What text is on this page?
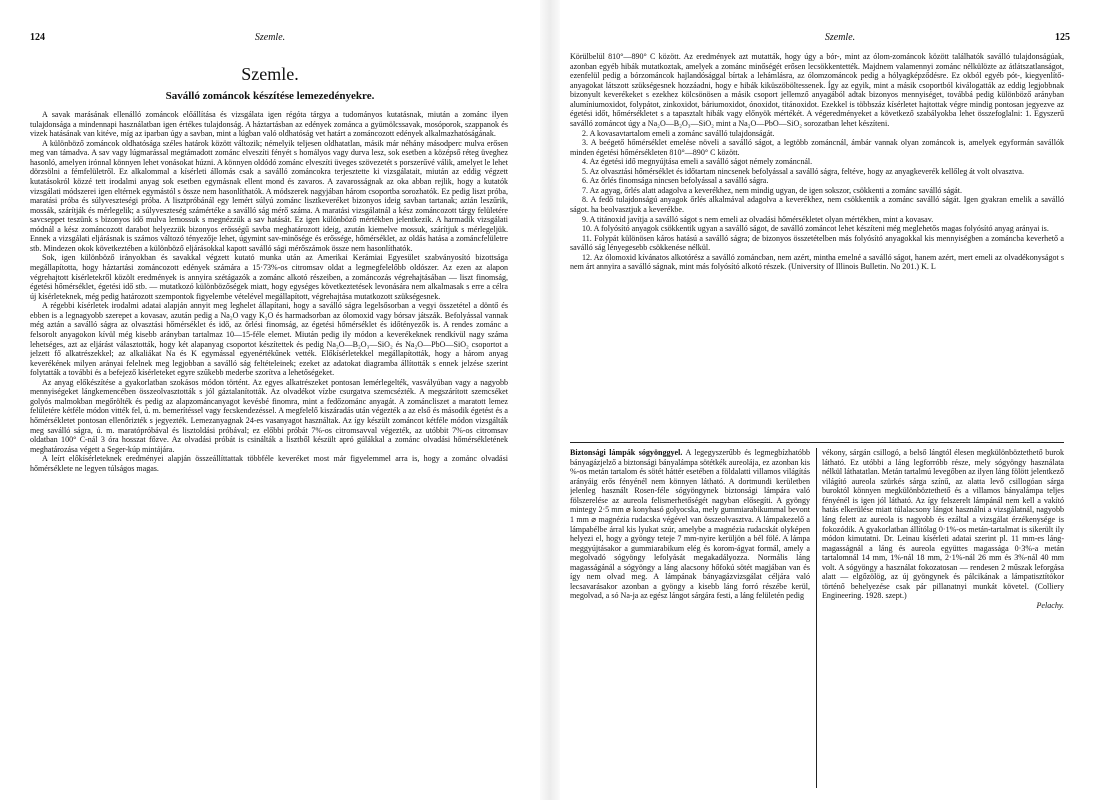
124	Szemle.
Szemle.
Saválló zománcok készítése lemezedényekre.

A savak marásának ellenálló zománcok előállítása és vizsgálata igen régóta tárgya a tudományos kutatásnak, miután a zománc ilyen tulajdonsága a mindennapi használatban igen értékes tulajdonság. A háztartásban az edények zománca a gyümölcssavak, mosóporok, szappanok és vizek hatásának van kitéve, míg az iparban úgy a savban, mint a lúgban való oldhatóság vet határt a zománcozott edények alkalmazhatóságának.

A különböző zománcok oldhatósága széles határok között változik; némelyik teljesen oldhatatlan, másik már néhány másodperc mulva erősen meg van támadva. A sav vagy lúgmarással megtámadott zománc elveszíti fényét s homályos vagy durva lesz, sok esetben a középső réteg üveghez hasonló, amelyen irónnal könnyen lehet vonásokat húzni. A könnyen oldódó zománc elveszíti üveges szövezetét s porszerűvé válik, amelyet le lehet dörzsölni a fémfelületről. Ez alkalommal a kísérleti állomás csak a saválló zománcokra terjesztette ki vizsgálatait, miután az eddig végzett kutatásokról közzé tett irodalmi anyag sok esetben egymásnak ellent mond és zavaros. A zavarosságnak az oka abban rejlik, hogy a kutatók vizsgálati módszerei igen eltérnek egymástól s össze nem hasonlíthatók. A módszerek nagyjában három csoportba sorozhatók. Ez pedig liszt próba, maratási próba és súlyveszteségi próba. A lisztpróbánál egy lemért súlyú zománc lisztkeveréket bizonyos ideig savban tartanak; aztán leszűrik, mossák, szárítják és mérlegelik; a súlyveszteség számértéke a saválló ság mérő száma. A maratási vizsgálatnál a kész zománcozott tárgy felületére savcseppet teszünk s bizonyos idő mulva lemossuk s megnézzük a sav hatását. Ez igen különböző mértékben jelentkezik. A harmadik vizsgálati módnál a kész zománcozott darabot helyezzük bizonyos erősségű savba meghatározott ideig, azután kiemelve mossuk, szárítjuk s mérlegeljük. Ennek a vizsgálati eljárásnak is számos változó tényezője lehet, úgymint sav-minősége és erőssége, hőmérséklet, az oldás hatása a zománcfelületre stb. Mindezen okok következtében a különböző eljárásokkal kapott saválló sági mérőszámok össze nem hasonlíthatók.

Sok, igen különböző irányokban és savakkal végzett kutató munka után az Amerikai Kerámiai Egyesület szabványosító bizottsága megállapította, hogy háztartási zománcozott edények számára a 15·73%-os citromsav oldat a legmegfelelőbb oldószer. Az ezen az alapon végrehajtott kísérletekről közölt eredmények is annyira szétágazók a zománc alkotó részeiben, a zománcozás végrehajtásában — liszt finomság, égetési hőmérséklet, égetési idő stb. — mutatkozó különbözőségek miatt, hogy egységes következtetések levonására nem alkalmasak s erre a célra új kísérleteknek, még pedig határozott szempontok figyelembe vételével megállapított, végrehajtása mutatkozott szükségesnek.

A régebbi kísérletek irodalmi adatai alapján annyit meg leghelet állapítani, hogy a saválló ságra legelsősorban a vegyi összetétel a döntő és ebben is a legnagyobb szerepet a kovasav, azután pedig a Na₂O vagy K₂O és harmadsorban az ólomoxid vagy bórsav játszák. Befolyással vannak még aztán a saválló ságra az olvasztási hőmérséklet és idő, az őrlési finomság, az égetési hőmérséklet és időtényezők is. A rendes zománc a felsorolt anyagokon kívül még kisebb arányban tartalmaz 10—15-féle elemet. Miután pedig ily módon a keverékeknek rendkívül nagy száma lehetséges, azt az eljárást választották, hogy két alapanyag csoportot készítettek és pedig Na₂O—B₂O₃—SiO₂ és Na₂O—PbO—SiO₂ csoportot a jelzett fő alkatrészekkel; az alkaliákat Na és K egymással egyenértékűnek vették. Előkísérletekkel megállapították, hogy a három anyag keverékének milyen arányai felelnek meg legjobban a saválló ság feltételeinek; ezeket az adatokat diagramba állították s ennek jelzése szerint folytatták a további és a befejező kísérleteket egyre szűkebb mederbe szorítva a lehetőségeket.

Az anyag előkészítése a gyakorlatban szokásos módon történt. Az egyes alkatrészeket pontosan lemérlegelték, vasvályúban vagy a nagyobb mennyiségeket lángkemencében összeolvasztották s jól gáztalanították. Az olvadékot vízbe csurgatva szemcsézték. A megszárított szemcséket golyós malmokban megőrölték és pedig az alapzománcanyagot kevésbé finomra, mint a fedőzománc anyagát. A zománcliszet a maratott lemez felületére kétféle módon vitték fel, ú. m. bemerítéssel vagy fecskendezéssel. A megfelelő kiszáradás után végezték a az első és második égetést és a hőmérsékletet pontosan ellenőrizték s jegyezték. Lemezanyagnak 24-es vasanyagot használtak. Az így készült zománcot kétféle módon vizsgálták meg saválló ságra, ú. m. maratópróbával és lisztoldási próbával; ez előbbi próbát 7%-os citromsavval végezték, az utóbbit 7%-os citromsav oldatban 100° C-nál 3 óra hosszat főzve. Az olvadási próbát is csinálták a lisztből készült apró gúlákkal a zománc olvadási hőmérsékletének meghatározása végett a Seger-kúp mintájára.

A leírt előkísérleteknek eredményei alapján összeállíttattak többféle keveréket most már figyelemmel arra is, hogy a zománc olvadási hőmérséklete ne legyen túlságos magas.

Szemle.	125

Körülbelül 810°—890° C között. Az eredmények azt mutatták, hogy úgy a bór-, mint az ólom-zománcok között találhatók saválló tulajdonságúak, azonban egyéb hibák mutatkoztak, amelyek a zománc minőségét erősen lecsökkentették. Majdnem valamennyi zománc nélkülözte az átlátszatlanságot, ezenfelül pedig a bórzománcok hajlandósággal bírtak a lehámlásra, az ólomzománcok pedig a hólyagképződésre. Ez okból egyéb pót-, kiegyenlítő-anyagokat látszott szükségesnek hozzáadni, hogy e hibák kiküszöböltessenek. Így az egyik, mint a másik csoportból kiválogatták az eddig legjobbnak bizonyult keverékeket s ezekhez kölcsönösen a másik csoport jellemző anyagából adtak bizonyos mennyiséget, továbbá pedig különböző arányban alumíniumoxidot, folypátot, zinkoxidot, báriumoxidot, ónoxidot, titánoxidot. Ezekkel is többszáz kísérletet hajtottak végre mindig pontosan jegyezve az égetési időt, hőmérsékletet s a tapasztalt hibák vagy előnyök mértékét. A végeredményeket a következő szabályokba lehet összefoglalni: 1. Egyszerű saválló zománcot úgy a Na₂O—B₂O₃—SiO₂ mint a Na₂O—PbO—SiO₂ sorozatban lehet készíteni.

2. A kovasavtartalom emeli a zománc saválló tulajdonságát.

3. A beégető hőmérséklet emelése növeli a saválló ságot, a legtöbb zománcnál, ámbár vannak olyan zománcok is, amelyek egyformán savállók minden égetési hőmérsékleten 810°—890° C között.

4. Az égetési idő megnyújtása emeli a saválló ságot némely zománcnál.

5. Az olvasztási hőmérséklet és időtartam nincsenek befolyással a saválló ságra, feltéve, hogy az anyagkeverék kellőleg át volt olvasztva.

6. Az őrlés finomsága nincsen befolyással a saválló ságra.

7. Az agyag, őrlés alatt adagolva a keverékhez, nem mindig ugyan, de igen sokszor, csökkenti a zománc saválló ságát.

8. A fedő tulajdonságú anyagok őrlés alkalmával adagolva a keverékhez, nem csökkentik a zománc saválló ságát. Igen gyakran emelik a saválló ságot. ha beolvasztjuk a keverékbe.

9. A titánoxid javítja a saválló ságot s nem emeli az olvadási hőmérsékletet olyan mértékben, mint a kovasav.

10. A folyósító anyagok csökkentik ugyan a saválló ságot, de saválló zománcot lehet készíteni még meglehetős magas folyósító anyag arányai is.

11. Folypát különösen káros hatású a saválló ságra; de bizonyos összetételben más folyósító anyagokkal kis mennyiségben a zománcba keverhető a saválló ság lényegesebb csökkenése nélkül.

12. Az ólomoxid kívánatos alkotórész a saválló zománcban, nem azért, mintha emelné a saválló ságot, hanem azért, mert emeli az olvadékonyságot s nem árt annyira a saválló ságnak, mint más folyósító alkotó részek. (University of Illinois Bulletin. No 201.) K. L

Biztonsági lámpák sógyönggyel. A legegyszerűbb és legmegbízhatóbb bányagázjelző a biztonsági bányalámpa sötétkék aureolája, ez azonban kis %-os metán tartalom és sötét háttér esetében a földalatti villamos világítás arányáig erős fényénél nem könnyen látható. A dortmundi kerületben jelenleg használt Rosen-féle sógyöngynek biztonsági lámpára való fölszerelése az aureola felismerhetőségét nagyban elősegíti. A gyöngy mintegy 2·5 mm ⌀ konyhasó golyocska, mely gummiarabikummal bevont 1 mm ⌀ magnézia rudacska végével van összeolvasztva. A lámpakezelő a lámpabélbe árral kis lyukat szúr, amelybe a magnézia rudacskát olyképen helyezi el, hogy a gyöngy teteje 7 mm-nyire kerüljön a bél fölé. A lámpa meggyújtásakor a gummiarabikum elég és korom-ágyat formál, amely a megolvadó sógyöngy lefolyását megakadályozza. Normális láng magasságánál a sógyöngy a láng alacsony hőfokú sötét magjában van és így nem olvad meg. A lámpának bányagázvizsgálat céljára való lecsavarásakor azonban a gyöngy a kisebb láng forró részébe kerül, megolvad, a só Na-ja az egész lángot sárgára festi, a láng felületén pedig

vékony, sárgán csillogó, a belső lángtól élesen megkülönböztethető burok látható. Ez utóbbi a láng legforróbb része, mely sógyöngy használata nélkül láthatatlan. Metán tartalmú levegőben az ilyen láng fölött jelentkező világító aureola szürkés sárga színű, az alatta levő csillogóan sárga buroktól könnyen megkülönböztethető és a villamos bányalámpa teljes fényénél is igen jól látható. Az így felszerelt lámpánál nem kell a vakító hatás elkerülése miatt túlalacsony lángot használni a vizsgálatnál, nagyobb láng felett az aureola is nagyobb és ezáltal a vizsgálat érzékenysége is fokozódik. A gyakorlatban állítólag 0·1%-os metán-tartalmat is sikerült ily módon kimutatni. Dr. Leinau kísérleti adatai szerint pl. 11 mm-es láng-magasságnál a láng és aureola együttes magassága 0·3%-a metán tartalomnál 14 mm, 1%-nál 18 mm, 2·1%-nál 26 mm és 3%-nál 40 mm volt. A sógyöngy a használat fokozatosan — rendesen 2 műszak leforgása alatt — elgőzölög, az új gyöngynek és pálcikának a lámpatisztítókor történő behelyezése csak pár pillanatnyi munkát követel. (Colliery Engineering. 1928. szept.)

Pelachy.
